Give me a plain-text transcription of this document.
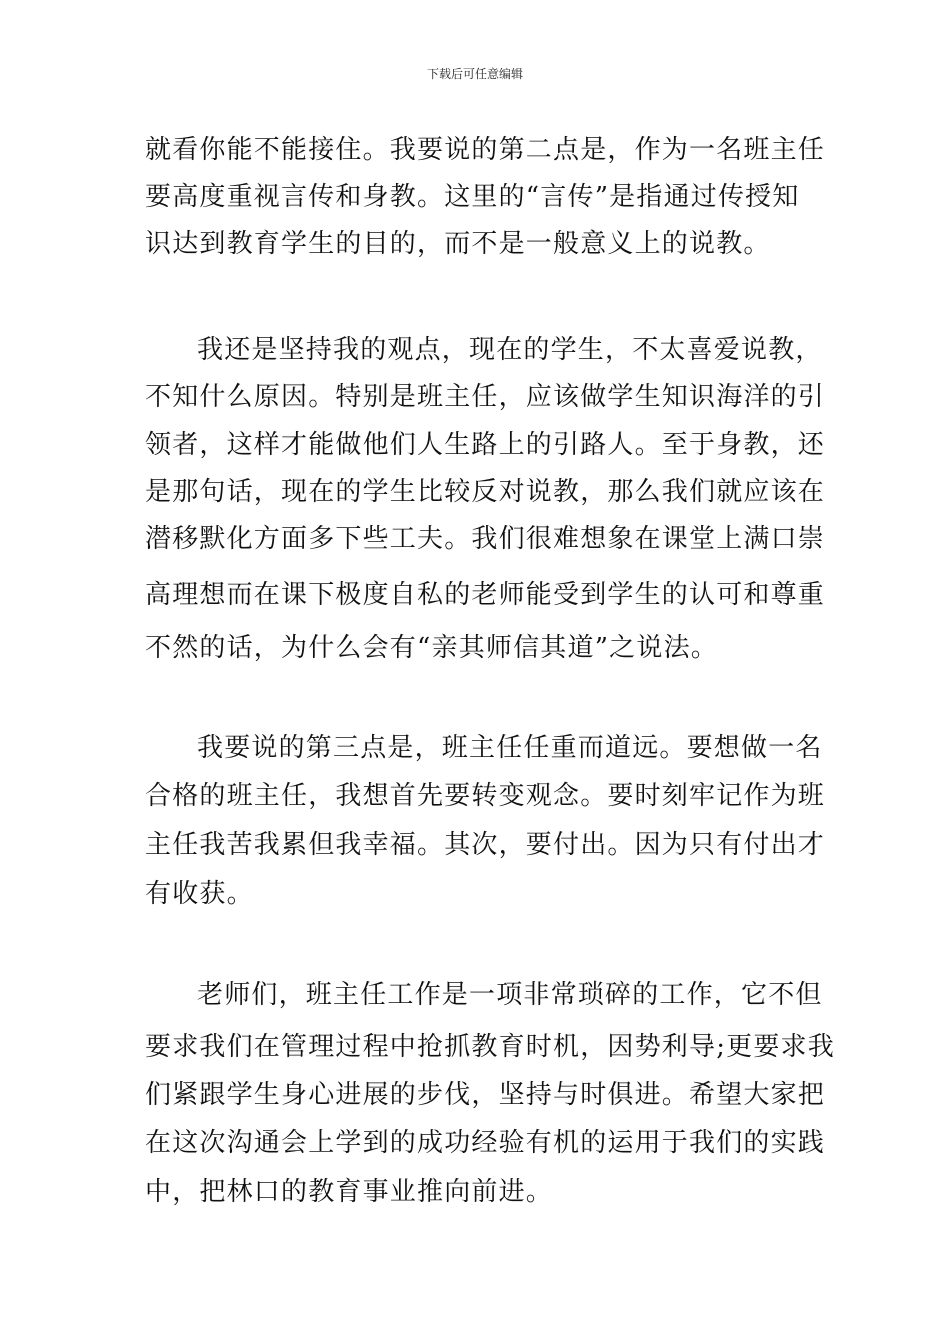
下载后可任意编辑
就看你能不能接住。我要说的第二点是，作为一名班主任
要高度重视言传和身教。这里的“言传”是指通过传授知
识达到教育学生的目的，而不是一般意义上的说教。
我还是坚持我的观点，现在的学生，不太喜爱说教，
不知什么原因。特别是班主任，应该做学生知识海洋的引
领者，这样才能做他们人生路上的引路人。至于身教，还
是那句话，现在的学生比较反对说教，那么我们就应该在
潜移默化方面多下些工夫。我们很难想象在课堂上满口崇
高理想而在课下极度自私的老师能受到学生的认可和尊重
不然的话，为什么会有“亲其师信其道”之说法。
我要说的第三点是，班主任任重而道远。要想做一名
合格的班主任，我想首先要转变观念。要时刻牢记作为班
主任我苦我累但我幸福。其次，要付出。因为只有付出才
有收获。
老师们，班主任工作是一项非常琐碎的工作，它不但
要求我们在管理过程中抢抓教育时机，因势利导;更要求我
们紧跟学生身心进展的步伐，坚持与时俱进。希望大家把
在这次沟通会上学到的成功经验有机的运用于我们的实践
中，把林口的教育事业推向前进。
